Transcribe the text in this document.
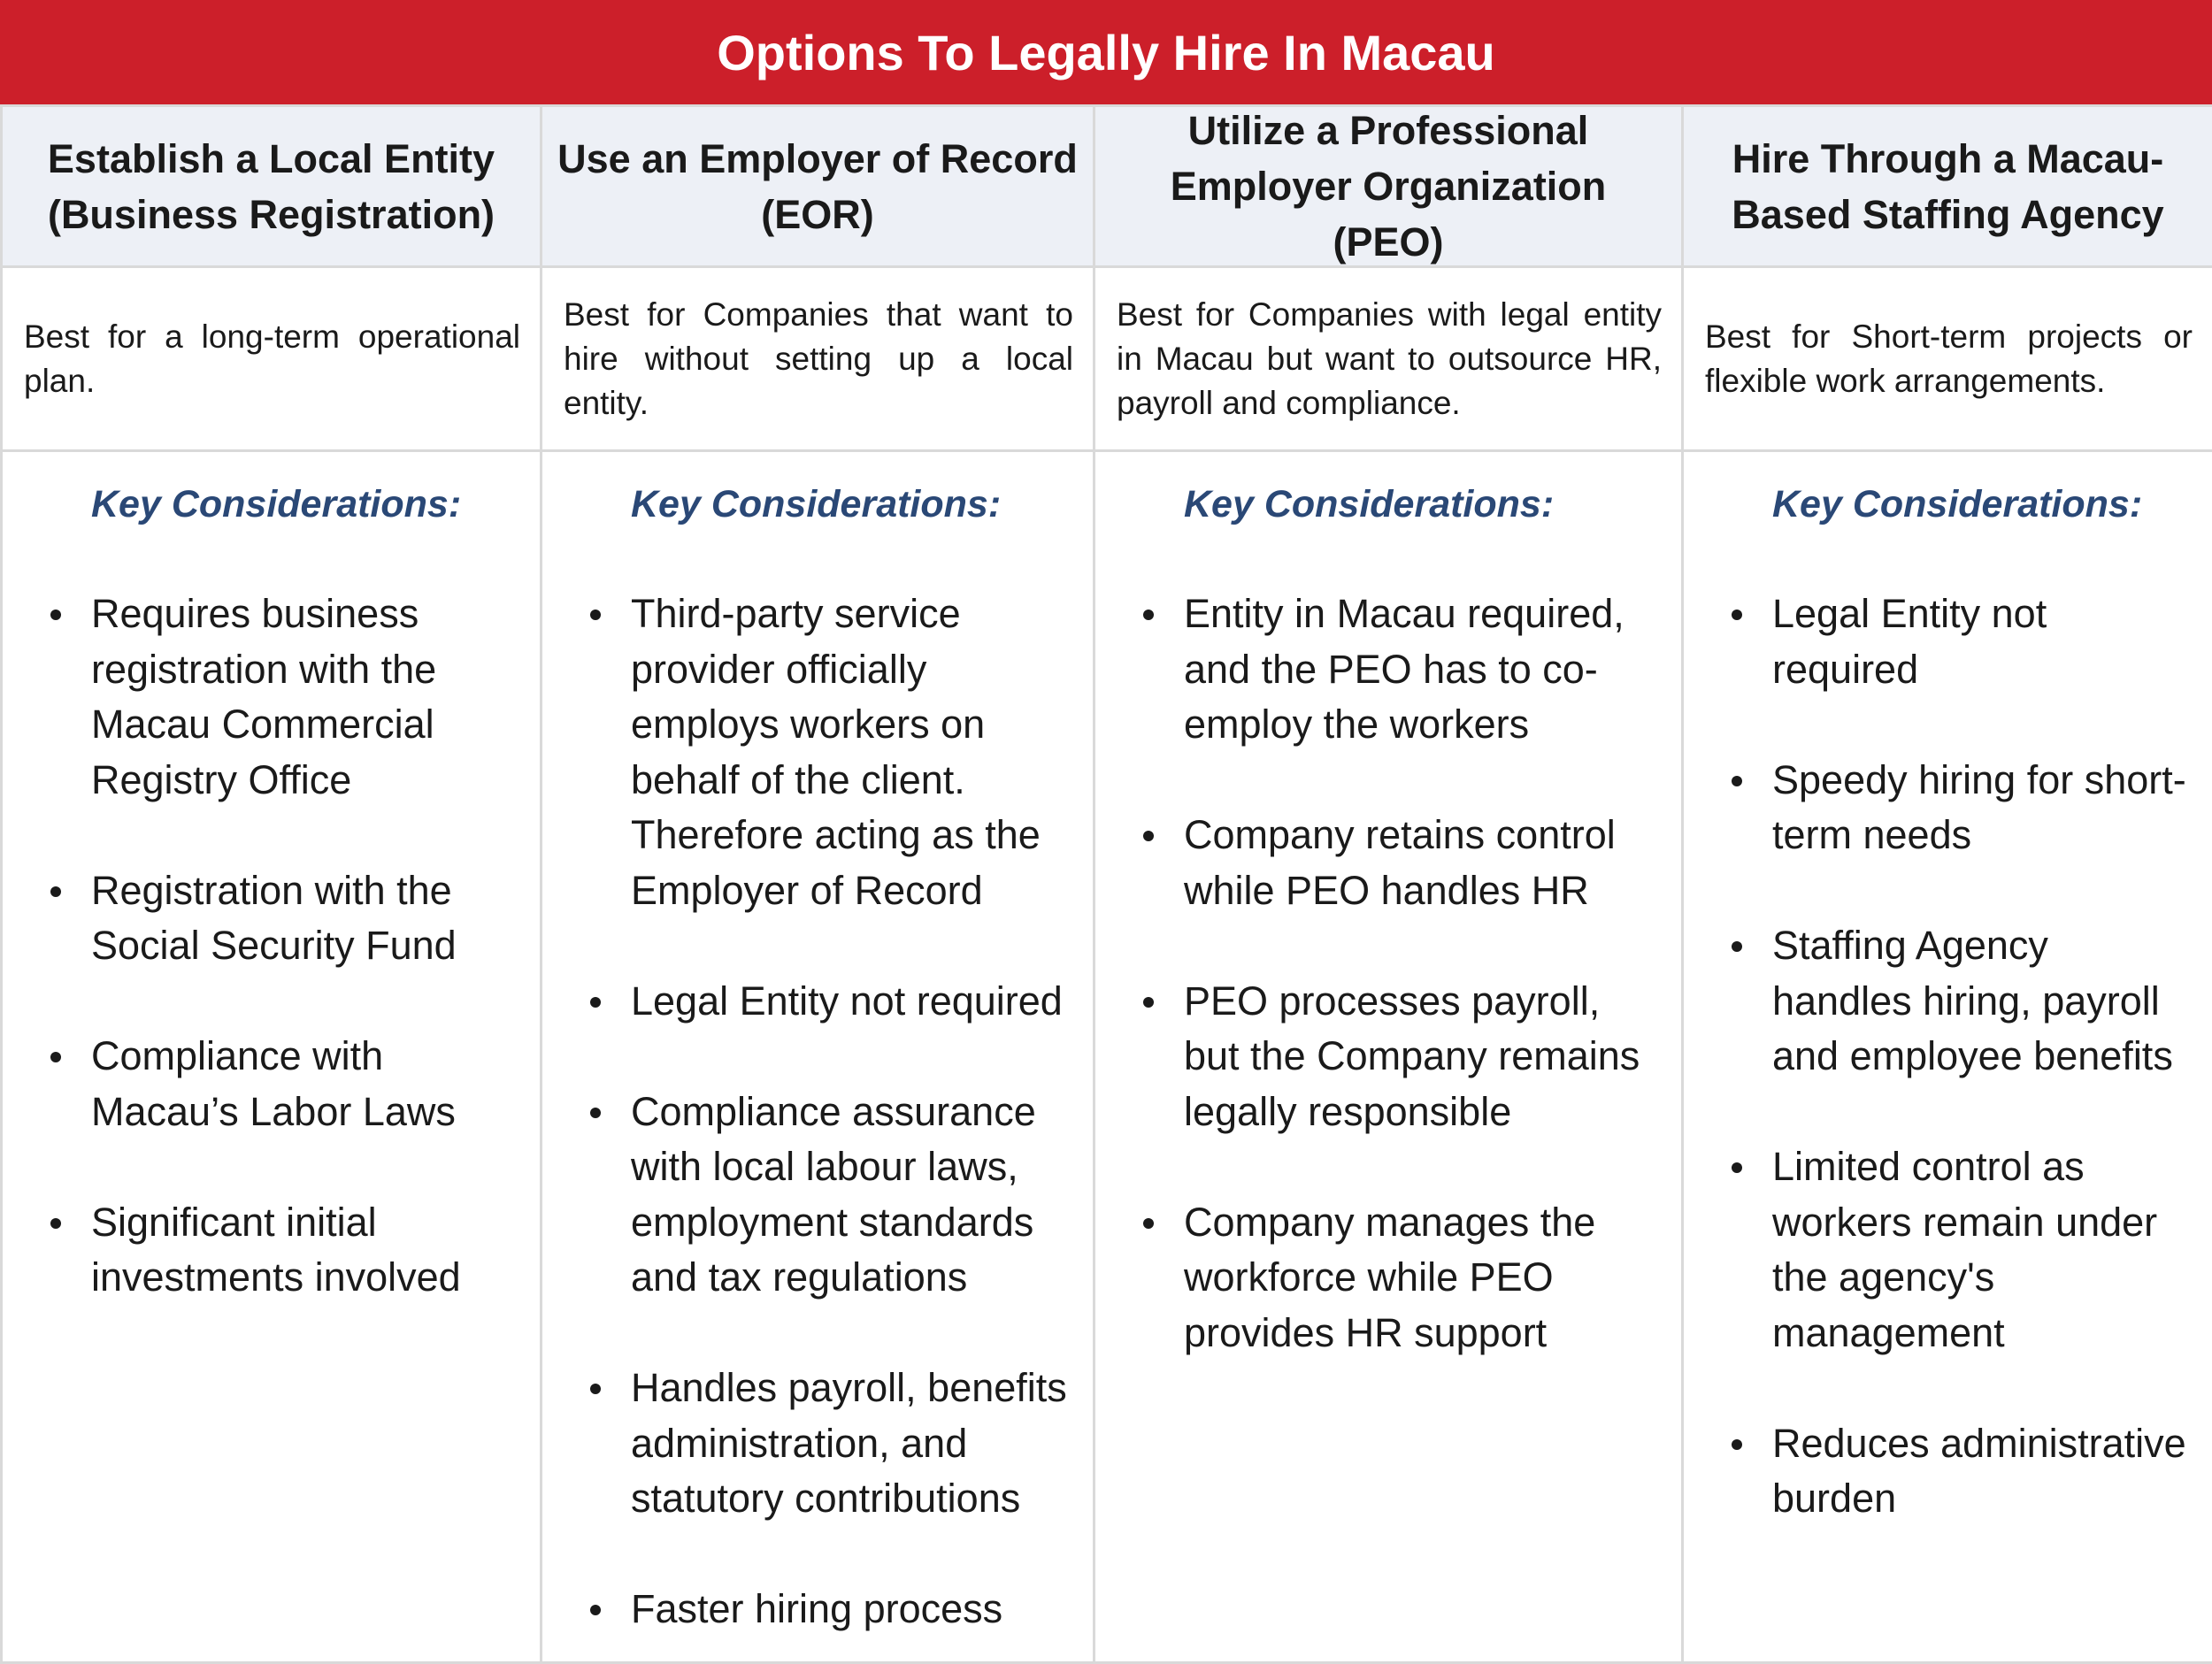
Options To Legally Hire In Macau
Establish a Local Entity (Business Registration)
Use an Employer of Record (EOR)
Utilize a Professional Employer Organization (PEO)
Hire Through a Macau-Based Staffing Agency
Best for a long-term operational plan.
Best for Companies that want to hire without setting up a local entity.
Best for Companies with legal entity in Macau but want to outsource HR, payroll and compliance.
Best for Short-term projects or flexible work arrangements.
Key Considerations:
Requires business registration with the Macau Commercial Registry Office
Registration with the Social Security Fund
Compliance with Macau’s Labor Laws
Significant initial investments involved
Key Considerations:
Third-party service provider officially employs workers on behalf of the client. Therefore acting as the Employer of Record
Legal Entity not required
Compliance assurance with local labour laws, employment standards and tax regulations
Handles payroll, benefits administration, and statutory contributions
Faster hiring process
Key Considerations:
Entity in Macau required, and the PEO has to co-employ the workers
Company retains control while PEO handles HR
PEO processes payroll, but the Company remains legally responsible
Company manages the workforce while PEO provides HR support
Key Considerations:
Legal Entity not required
Speedy hiring for short-term needs
Staffing Agency handles hiring, payroll and employee benefits
Limited control as workers remain under the agency's management
Reduces administrative burden
